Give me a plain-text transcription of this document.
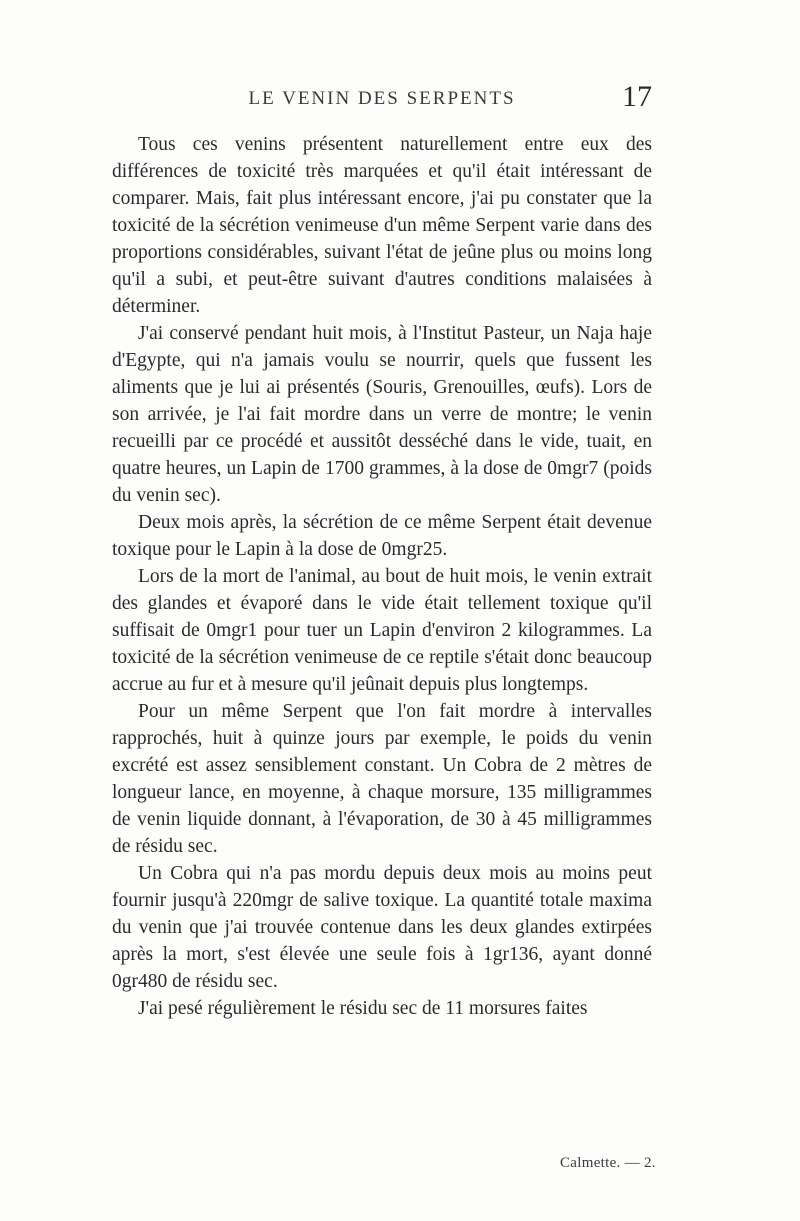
LE VENIN DES SERPENTS	17

Tous ces venins présentent naturellement entre eux des différences de toxicité très marquées et qu'il était intéressant de comparer. Mais, fait plus intéressant encore, j'ai pu constater que la toxicité de la sécrétion venimeuse d'un même Serpent varie dans des proportions considérables, suivant l'état de jeûne plus ou moins long qu'il a subi, et peut-être suivant d'autres conditions malaisées à déterminer.

J'ai conservé pendant huit mois, à l'Institut Pasteur, un Naja haje d'Egypte, qui n'a jamais voulu se nourrir, quels que fussent les aliments que je lui ai présentés (Souris, Grenouilles, œufs). Lors de son arrivée, je l'ai fait mordre dans un verre de montre; le venin recueilli par ce procédé et aussitôt desséché dans le vide, tuait, en quatre heures, un Lapin de 1700 grammes, à la dose de 0mgr7 (poids du venin sec).

Deux mois après, la sécrétion de ce même Serpent était devenue toxique pour le Lapin à la dose de 0mgr25.

Lors de la mort de l'animal, au bout de huit mois, le venin extrait des glandes et évaporé dans le vide était tellement toxique qu'il suffisait de 0mgr1 pour tuer un Lapin d'environ 2 kilogrammes. La toxicité de la sécrétion venimeuse de ce reptile s'était donc beaucoup accrue au fur et à mesure qu'il jeûnait depuis plus longtemps.

Pour un même Serpent que l'on fait mordre à intervalles rapprochés, huit à quinze jours par exemple, le poids du venin excrété est assez sensiblement constant. Un Cobra de 2 mètres de longueur lance, en moyenne, à chaque morsure, 135 milligrammes de venin liquide donnant, à l'évaporation, de 30 à 45 milligrammes de résidu sec.

Un Cobra qui n'a pas mordu depuis deux mois au moins peut fournir jusqu'à 220mgr de salive toxique. La quantité totale maxima du venin que j'ai trouvée contenue dans les deux glandes extirpées après la mort, s'est élevée une seule fois à 1gr136, ayant donné 0gr480 de résidu sec.

J'ai pesé régulièrement le résidu sec de 11 morsures faites

Calmette. — 2.
